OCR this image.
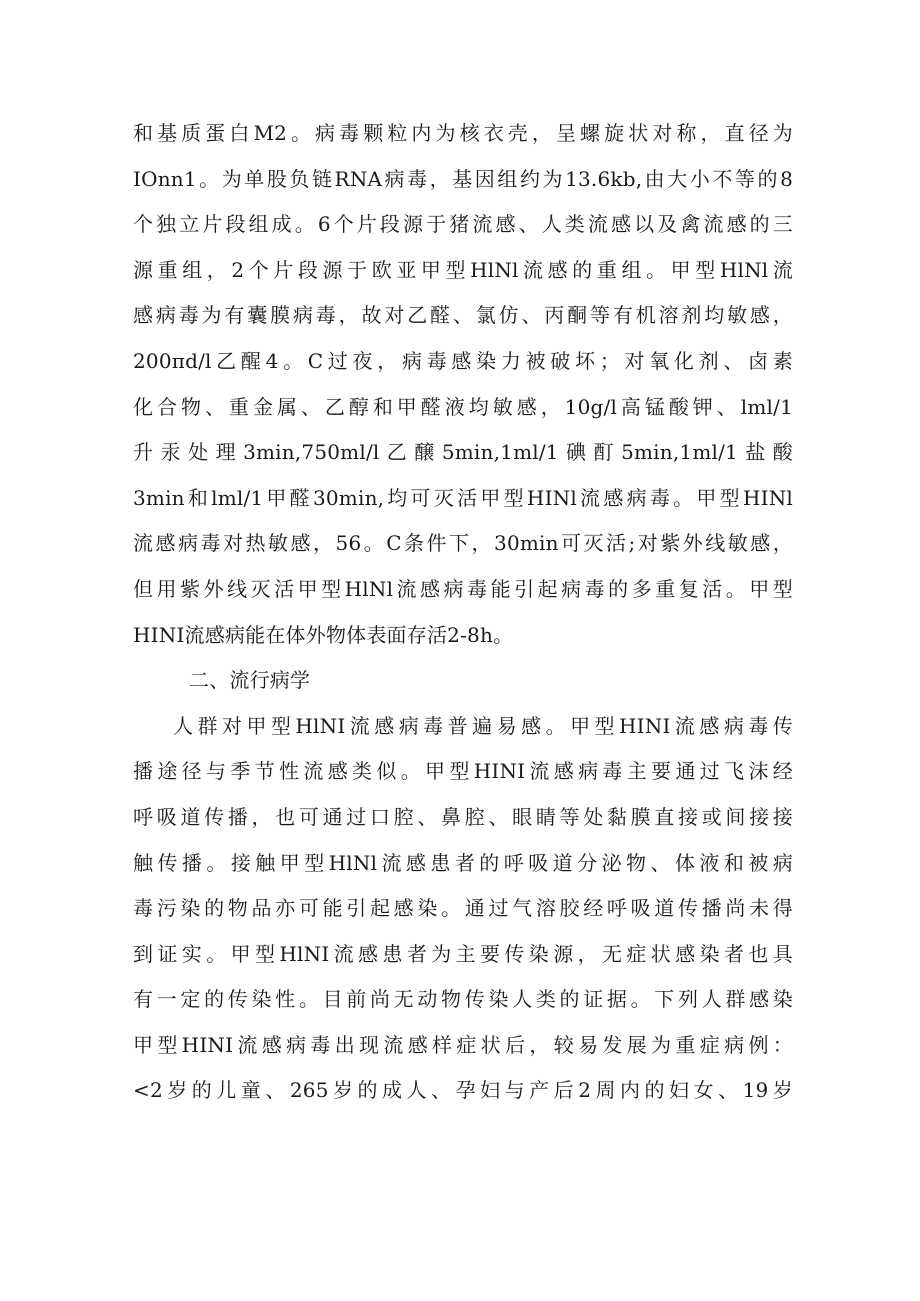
和基质蛋白M2。病毒颗粒内为核衣壳，呈螺旋状对称，直径为
IOnn1。为单股负链RNA病毒，基因组约为13.6kb,由大小不等的8
个独立片段组成。6个片段源于猪流感、人类流感以及禽流感的三
源重组，2个片段源于欧亚甲型HlNl流感的重组。甲型HlNl流
感病毒为有囊膜病毒，故对乙醛、氯仿、丙酮等有机溶剂均敏感，
200πd/l乙醒4。C过夜，病毒感染力被破坏；对氧化剂、卤素
化合物、重金属、乙醇和甲醛液均敏感，10g/l高锰酸钾、lml/1
升汞处理3min,750ml/l乙醸5min,1ml/1碘酊5min,1ml/1盐酸
3min和lml/1甲醛30min,均可灭活甲型HINl流感病毒。甲型HINl
流感病毒对热敏感，56。C条件下，30min可灭活;对紫外线敏感，
但用紫外线灭活甲型HlNl流感病毒能引起病毒的多重复活。甲型
HINI流感病能在体外物体表面存活2-8h。
二、流行病学
人群对甲型HlNI流感病毒普遍易感。甲型HINI流感病毒传
播途径与季节性流感类似。甲型HINI流感病毒主要通过飞沫经
呼吸道传播，也可通过口腔、鼻腔、眼睛等处黏膜直接或间接接
触传播。接触甲型HlNl流感患者的呼吸道分泌物、体液和被病
毒污染的物品亦可能引起感染。通过气溶胶经呼吸道传播尚未得
到证实。甲型HlNI流感患者为主要传染源，无症状感染者也具
有一定的传染性。目前尚无动物传染人类的证据。下列人群感染
甲型HINI流感病毒出现流感样症状后，较易发展为重症病例：
<2岁的儿童、265岁的成人、孕妇与产后2周内的妇女、19岁
